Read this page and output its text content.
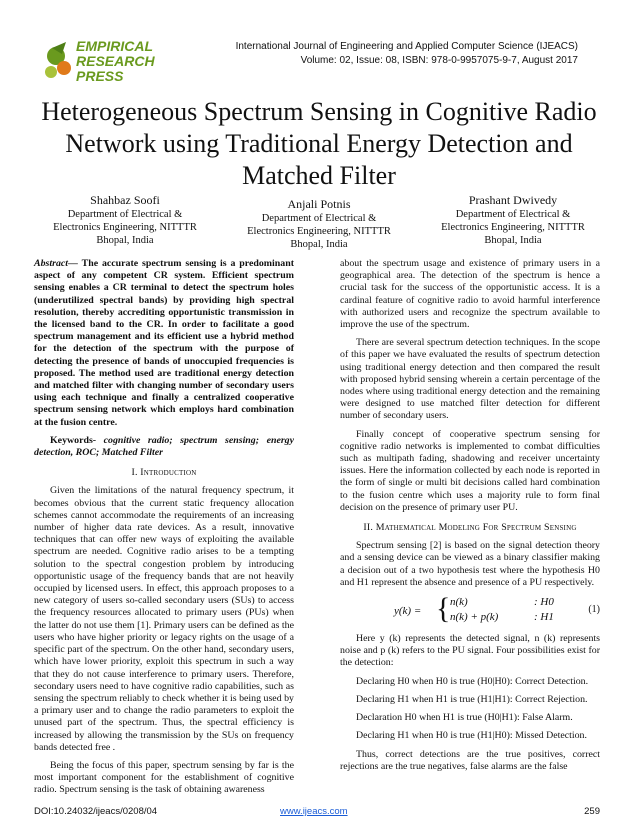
EMPIRICAL
RESEARCH
PRESS
International Journal of Engineering and Applied Computer Science (IJEACS)
Volume: 02, Issue: 08, ISBN: 978-0-9957075-9-7, August 2017
Heterogeneous Spectrum Sensing in Cognitive Radio Network using Traditional Energy Detection and Matched Filter
Shahbaz Soofi
Department of Electrical &
Electronics Engineering, NITTTR
Bhopal, India
Anjali Potnis
Department of Electrical &
Electronics Engineering, NITTTR
Bhopal, India
Prashant Dwivedy
Department of Electrical &
Electronics Engineering, NITTTR
Bhopal, India

Abstract— The accurate spectrum sensing is a predominant aspect of any competent CR system. Efficient spectrum sensing enables a CR terminal to detect the spectrum holes (underutilized spectral bands) by providing high spectral resolution, thereby accrediting opportunistic transmission in the licensed band to the CR. In order to facilitate a good spectrum management and its efficient use a hybrid method for the detection of the spectrum with the purpose of detecting the presence of bands of unoccupied frequencies is proposed. The method used are traditional energy detection and matched filter with changing number of secondary users using each technique and finally a centralized cooperative spectrum sensing network which employs hard combination at the fusion centre.

Keywords- cognitive radio; spectrum sensing; energy detection, ROC; Matched Filter

I. Introduction

Given the limitations of the natural frequency spectrum, it becomes obvious that the current static frequency allocation schemes cannot accommodate the requirements of an increasing number of higher data rate devices. As a result, innovative techniques that can offer new ways of exploiting the available spectrum are needed. Cognitive radio arises to be a tempting solution to the spectral congestion problem by introducing opportunistic usage of the frequency bands that are not heavily occupied by licensed users. In effect, this approach proposes to a new category of users so-called secondary users (SUs) to access the frequency resources allocated to primary users (PUs) when the latter do not use them [1]. Primary users can be defined as the users who have higher priority or legacy rights on the usage of a specific part of the spectrum. On the other hand, secondary users, which have lower priority, exploit this spectrum in such a way that they do not cause interference to primary users. Therefore, secondary users need to have cognitive radio capabilities, such as sensing the spectrum reliably to check whether it is being used by a primary user and to change the radio parameters to exploit the unused part of the spectrum. Thus, the spectral efficiency is increased by allowing the transmission by the SUs on frequency bands detected free .

Being the focus of this paper, spectrum sensing by far is the most important component for the establishment of cognitive radio. Spectrum sensing is the task of obtaining awareness

about the spectrum usage and existence of primary users in a geographical area. The detection of the spectrum is hence a crucial task for the success of the opportunistic access. It is a cardinal feature of cognitive radio to avoid harmful interference with authorized users and recognize the spectrum available to improve the use of the spectrum.

There are several spectrum detection techniques. In the scope of this paper we have evaluated the results of spectrum detection using traditional energy detection and then compared the result with proposed hybrid sensing wherein a certain percentage of the nodes where using traditional energy detection and the remaining were designed to use matched filter detection for different number of secondary users.

Finally concept of cooperative spectrum sensing for cognitive radio networks is implemented to combat difficulties such as multipath fading, shadowing and receiver uncertainty issues. Here the information collected by each node is reported in the form of single or multi bit decisions called hard combination to the fusion centre which uses a majority rule to form final decision on the presence of primary user PU.

II. Mathematical Modeling For Spectrum Sensing

Spectrum sensing [2] is based on the signal detection theory and a sensing device can be viewed as a binary classifier making a decision out of a two hypothesis test where the hypothesis H0 and H1 represent the absence and presence of a PU respectively.

y(k) = { n(k)	: H0
n(k) + p(k)	: H1
(1)

Here y (k) represents the detected signal, n (k) represents noise and p (k) refers to the PU signal. Four possibilities exist for the detection:

Declaring H0 when H0 is true (H0|H0): Correct Detection.

Declaring H1 when H1 is true (H1|H1): Correct Rejection.

Declaration H0 when H1 is true (H0|H1): False Alarm.

Declaring H1 when H0 is true (H1|H0): Missed Detection.

Thus, correct detections are the true positives, correct rejections are the true negatives, false alarms are the false

DOI:10.24032/ijeacs/0208/04	www.ijeacs.com	259
